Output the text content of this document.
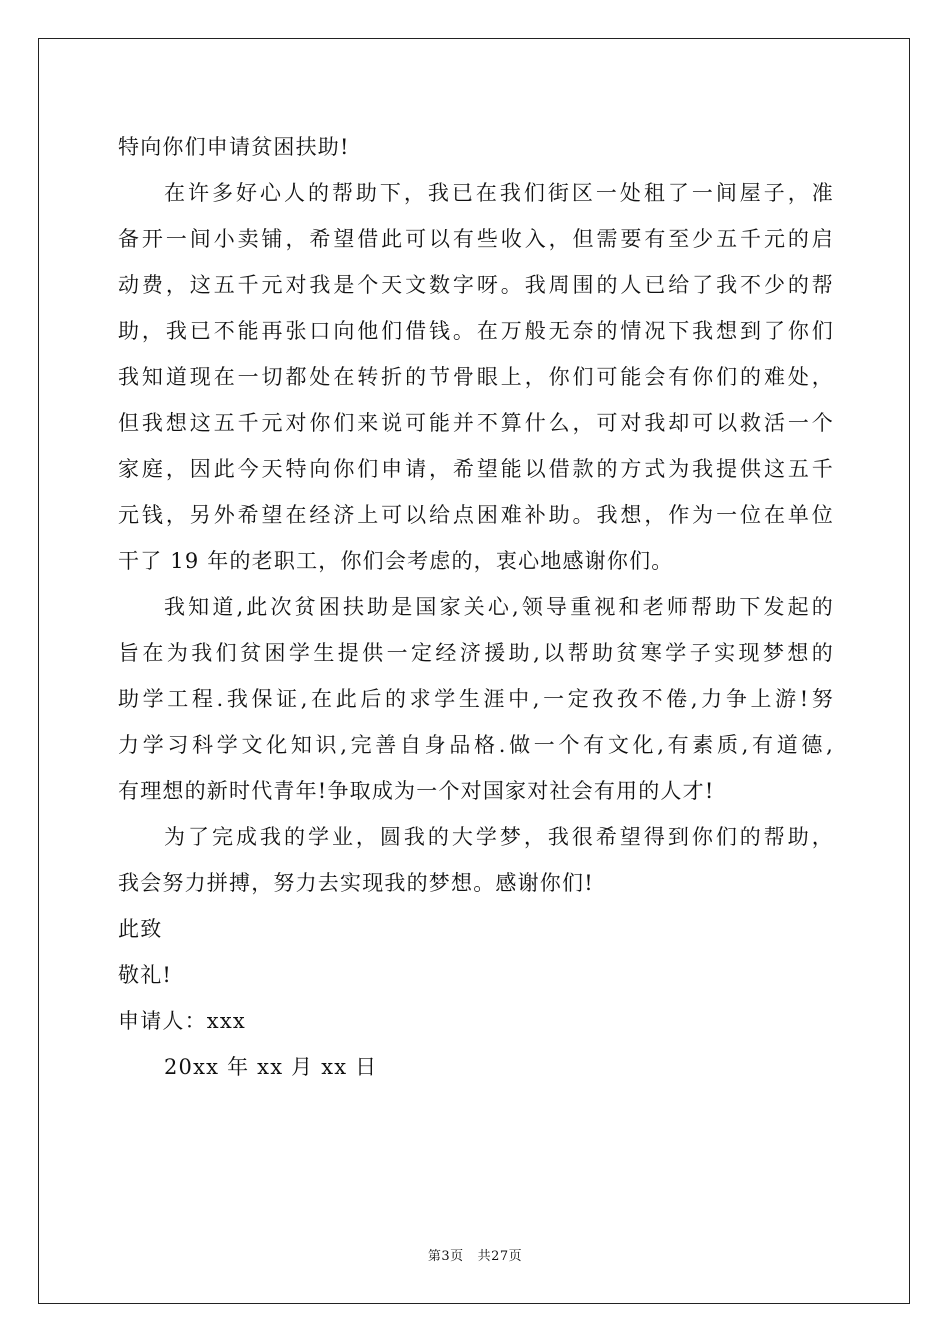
特向你们申请贫困扶助!
在许多好心人的帮助下，我已在我们街区一处租了一间屋子，准
备开一间小卖铺，希望借此可以有些收入，但需要有至少五千元的启
动费，这五千元对我是个天文数字呀。我周围的人已给了我不少的帮
助，我已不能再张口向他们借钱。在万般无奈的情况下我想到了你们
我知道现在一切都处在转折的节骨眼上，你们可能会有你们的难处，
但我想这五千元对你们来说可能并不算什么，可对我却可以救活一个
家庭，因此今天特向你们申请，希望能以借款的方式为我提供这五千
元钱，另外希望在经济上可以给点困难补助。我想，作为一位在单位
干了 19 年的老职工，你们会考虑的，衷心地感谢你们。
我知道,此次贫困扶助是国家关心,领导重视和老师帮助下发起的
旨在为我们贫困学生提供一定经济援助,以帮助贫寒学子实现梦想的
助学工程.我保证,在此后的求学生涯中,一定孜孜不倦,力争上游!努
力学习科学文化知识,完善自身品格.做一个有文化,有素质,有道德,
有理想的新时代青年!争取成为一个对国家对社会有用的人才!
为了完成我的学业，圆我的大学梦，我很希望得到你们的帮助，
我会努力拼搏，努力去实现我的梦想。感谢你们!
此致
敬礼!
申请人：xxx
20xx 年 xx 月 xx 日
第3页 共27页
